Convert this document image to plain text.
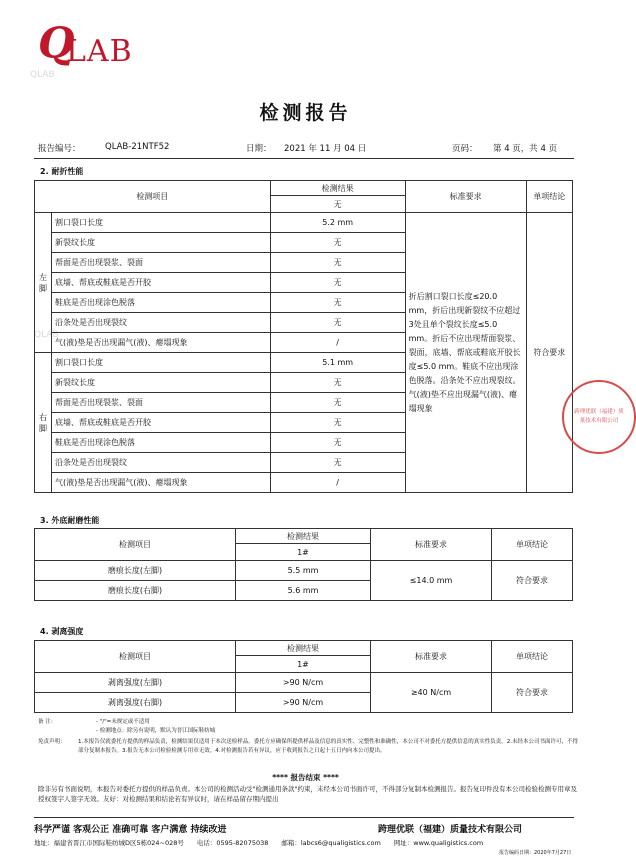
Q
LAB
QLAB
QLAB
检测报告
报告编号：	QLAB-21NTF52	日期： 2021 年 11 月 04 日	页码： 第 4 页，共 4 页
2. 耐折性能
检测项目		检测结果	标准要求	单项结论
		无		
左脚	割口裂口长度	5.2 mm	折后割口裂口长度≤20.0 mm，折后出现新裂纹不应超过3处且单个裂纹长度≤5.0 mm。折后不应出现帮面裂浆、裂面，底墙、帮底或鞋底开胶长度≤5.0 mm。鞋底不应出现涂色脱落。沿条处不应出现裂纹。气(液)垫不应出现漏气(液)、瘪塌现象	符合要求
	新裂纹长度	无		
	帮面是否出现裂浆、裂面	无		
	底墙、帮底或鞋底是否开胶	无		
	鞋底是否出现涂色脱落	无		
	沿条处是否出现裂纹	无		
	气(液)垫是否出现漏气(液)、瘪塌现象	/		
右脚	割口裂口长度	5.1 mm		
	新裂纹长度	无		
	帮面是否出现裂浆、裂面	无		
	底墙、帮底或鞋底是否开胶	无		
	鞋底是否出现涂色脱落	无		
	沿条处是否出现裂纹	无		
	气(液)垫是否出现漏气(液)、瘪塌现象	/		
跨理优联（福建）质量技术有限公司
3. 外底耐磨性能
检测项目	检测结果	标准要求	单项结论
	1#		
磨痕长度(左脚)	5.5 mm	≤14.0 mm	符合要求
磨痕长度(右脚)	5.6 mm		
4. 剥离强度
检测项目	检测结果	标准要求	单项结论
	1#		
剥离强度(左脚)	>90 N/cm	≥40 N/cm	符合要求
剥离强度(右脚)	>90 N/cm		
备 注：	- "/"=未规定或不适用
- 检测地点：除另有说明，默认为晋江国际鞋纺城
免责声明： 1.本报告仅就委托方提供的样品负责，检测结果仅适用于本次送检样品。委托方应确保所提供样品及信息的真实性、完整性和准确性，本公司不对委托方提供信息的真实性负责。2.未经本公司书面许可，不得部分复制本报告。3.报告无本公司检验检测专用章无效。4.对检测报告若有异议，应于收到报告之日起十五日内向本公司提出。
**** 报告结束 ****
除非另有书面说明，本报告对委托方提供的样品负责。本公司的检测活动受"检测通用条款"约束，未经本公司书面许可，不得部分复制本检测报告。报告复印件没有本公司检验检测专用章及授权签字人签字无效。友好：对检测结果和结论若有异议时，请在样品留存期内提出
科学严谨 客观公正 准确可靠 客户满意 持续改进	跨理优联（福建）质量技术有限公司
地址：福建省晋江市国际鞋纺城D区5栋024~028号　　电话：0595-82075038　　邮箱：labcs6@qualigistics.com　　网址：www.qualigistics.com
报告编码日期：2020年7月27日
